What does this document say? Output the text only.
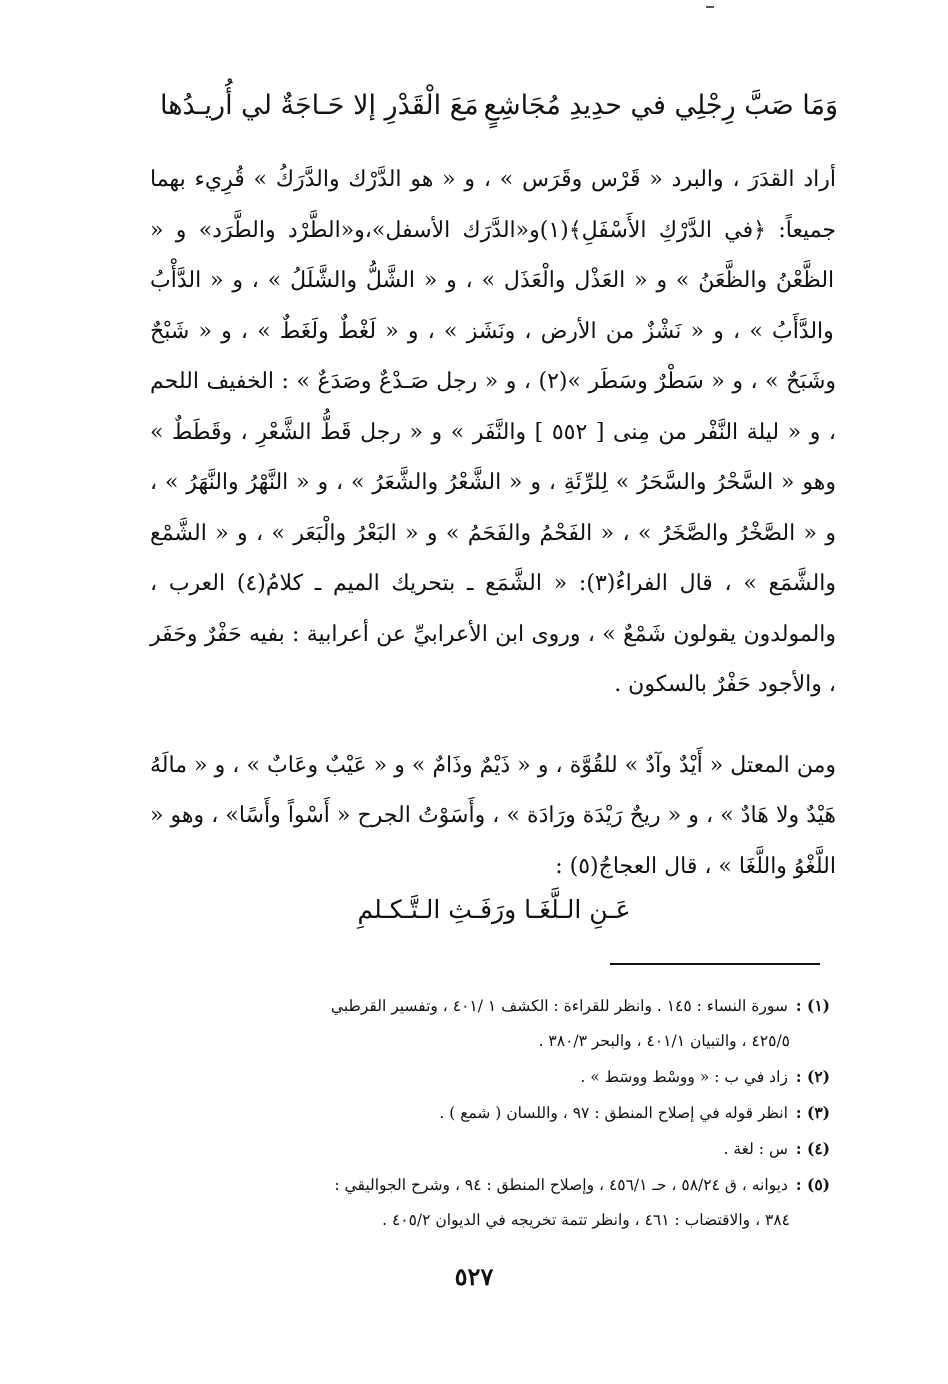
وَمَا صَبَّ رِجْلِي في حدِيدِ مُجَاشِعٍ
مَعَ الْقَدْرِ إلا حَـاجَةٌ لي أُريـدُها

أراد القدَرَ ، والبرد « قَرْس وقَرَس » ، و « هو الدَّرْك والدَّرَكُ » قُرِيء بهما جميعاً: ﴿في الدَّرْكِ الأَسْفَلِ﴾(١)و«الدَّرَك الأسفل»،و«الطَّرْد والطَّرَد» و « الظَّعْنُ والظَّعَنُ » و « العَذْل والْعَذَل » ، و « الشَّلُّ والشَّلَلُ » ، و « الدَّأْبُ والدَّأَبُ » ، و « نَشْزٌ من الأرض ، ونَشَز » ، و « لَغْطٌ ولَغَطٌ » ، و « شَبْحٌ وشَبَحٌ » ، و « سَطْرٌ وسَطَر »(٢) ، و « رجل صَـدْعٌ وصَدَعٌ » : الخفيف اللحم ، و « ليلة النَّفْر من مِنى [ ٥٥٢ ] والنَّفَر » و « رجل قَطُّ الشَّعْرِ ، وقَطَطٌ » وهو « السَّحْرُ والسَّحَرُ » لِلرِّئَةِ ، و « الشَّعْرُ والشَّعَرُ » ، و « النَّهْرُ والنَّهَرُ » ، و « الصَّخْرُ والصَّخَرُ » ، « الفَحْمُ والفَحَمُ » و « البَعْرُ والْبَعَر » ، و « الشَّمْع والشَّمَع » ، قال الفراءُ(٣): « الشَّمَع ـ بتحريك الميم ـ كلامُ(٤) العرب ، والمولدون يقولون شَمْعٌ » ، وروى ابن الأعرابيِّ عن أعرابية : بفيه حَفْرٌ وحَفَر ، والأجود حَفْرٌ بالسكون .

ومن المعتل « أَيْدٌ وآدٌ » للقُوَّة ، و « ذَيْمٌ وذَامٌ » و « عَيْبٌ وعَابٌ » ، و « مالَهُ هَيْدٌ ولا هَادٌ » ، و « ريحٌ رَيْدَة ورَادَة » ، وأَسَوْتُ الجرح « أَسْواً وأَسًا» ، وهو « اللَّغْوُ واللَّغَا » ، قال العجاجُ(٥) :

عَـنِ الـلَّغَـا ورَفَـثِ الـتَّـكـلمِ

(١) :سورة النساء : ١٤٥ . وانظر للقراءة : الكشف ١ /٤٠١ ، وتفسير القرطبي

٤٢٥/٥ ، والتبيان ٤٠١/١ ، والبحر ٣٨٠/٣ .

(٢) :زاد في ب : « ووسْط ووسَط » .

(٣) :انظر قوله في إصلاح المنطق : ٩٧ ، واللسان ( شمع ) .

(٤) :س : لغة .

(٥) :ديوانه ، ق ٥٨/٢٤ ، حـ ٤٥٦/١ ، وإصلاح المنطق : ٩٤ ، وشرح الجواليقي :

٣٨٤ ، والاقتضاب : ٤٦١ ، وانظر تتمة تخريجه في الديوان ٤٠٥/٢ .

٥٢٧
